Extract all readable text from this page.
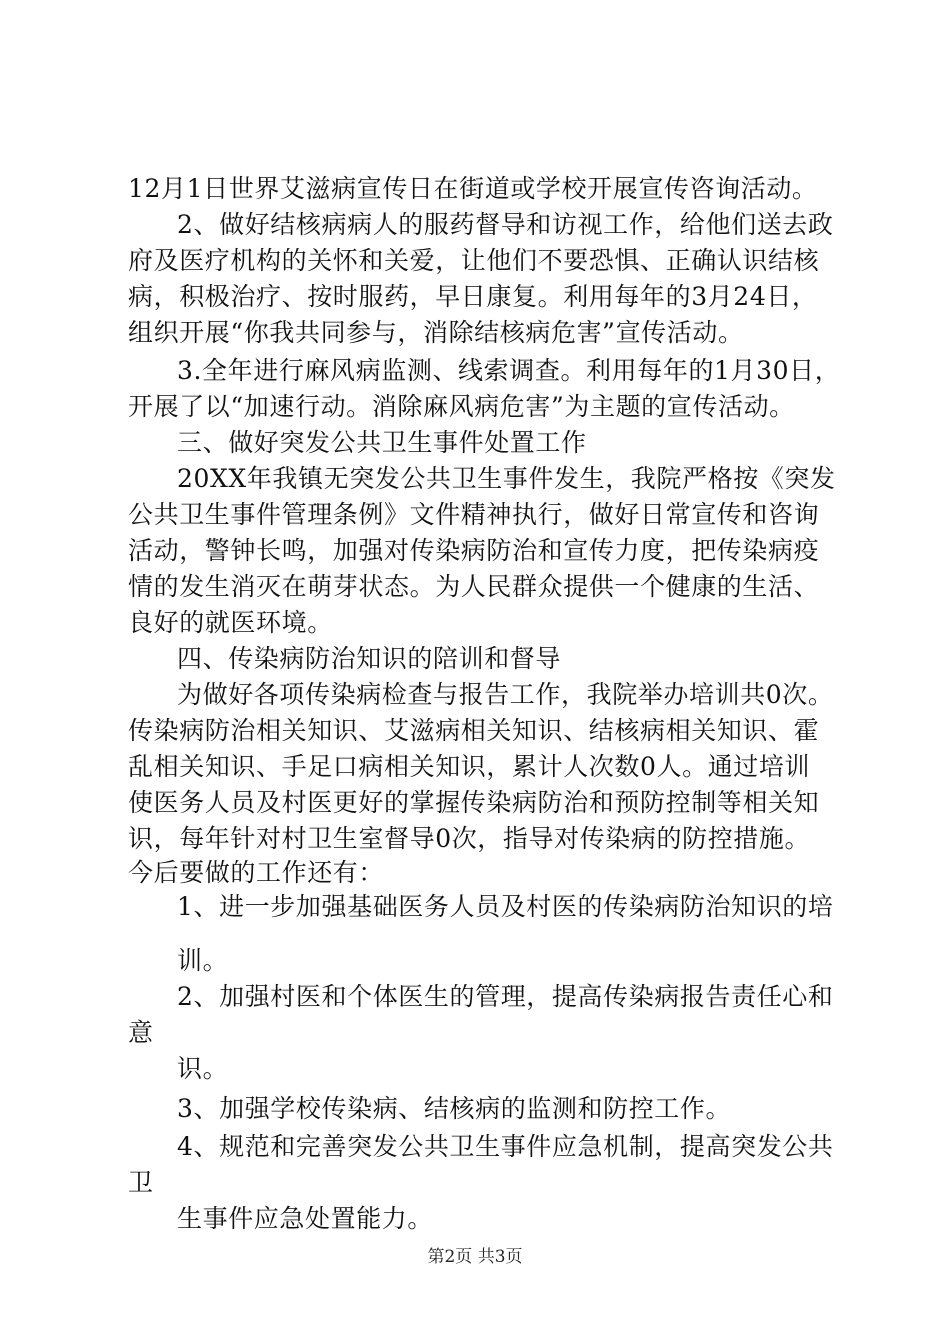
12月1日世界艾滋病宣传日在街道或学校开展宣传咨询活动。
2、做好结核病病人的服药督导和访视工作，给他们送去政
府及医疗机构的关怀和关爱，让他们不要恐惧、正确认识结核
病，积极治疗、按时服药，早日康复。利用每年的3月24日，
组织开展“你我共同参与，消除结核病危害”宣传活动。
3.全年进行麻风病监测、线索调查。利用每年的1月30日，
开展了以“加速行动。消除麻风病危害”为主题的宣传活动。
三、做好突发公共卫生事件处置工作
20XX年我镇无突发公共卫生事件发生，我院严格按《突发
公共卫生事件管理条例》文件精神执行，做好日常宣传和咨询
活动，警钟长鸣，加强对传染病防治和宣传力度，把传染病疫
情的发生消灭在萌芽状态。为人民群众提供一个健康的生活、
良好的就医环境。
四、传染病防治知识的陪训和督导
为做好各项传染病检查与报告工作，我院举办培训共0次。
传染病防治相关知识、艾滋病相关知识、结核病相关知识、霍
乱相关知识、手足口病相关知识，累计人次数0人。通过培训
使医务人员及村医更好的掌握传染病防治和预防控制等相关知
识，每年针对村卫生室督导0次，指导对传染病的防控措施。
今后要做的工作还有：
1、进一步加强基础医务人员及村医的传染病防治知识的培
训。
2、加强村医和个体医生的管理，提高传染病报告责任心和
意
识。
3、加强学校传染病、结核病的监测和防控工作。
4、规范和完善突发公共卫生事件应急机制，提高突发公共
卫
生事件应急处置能力。
第2页 共3页
